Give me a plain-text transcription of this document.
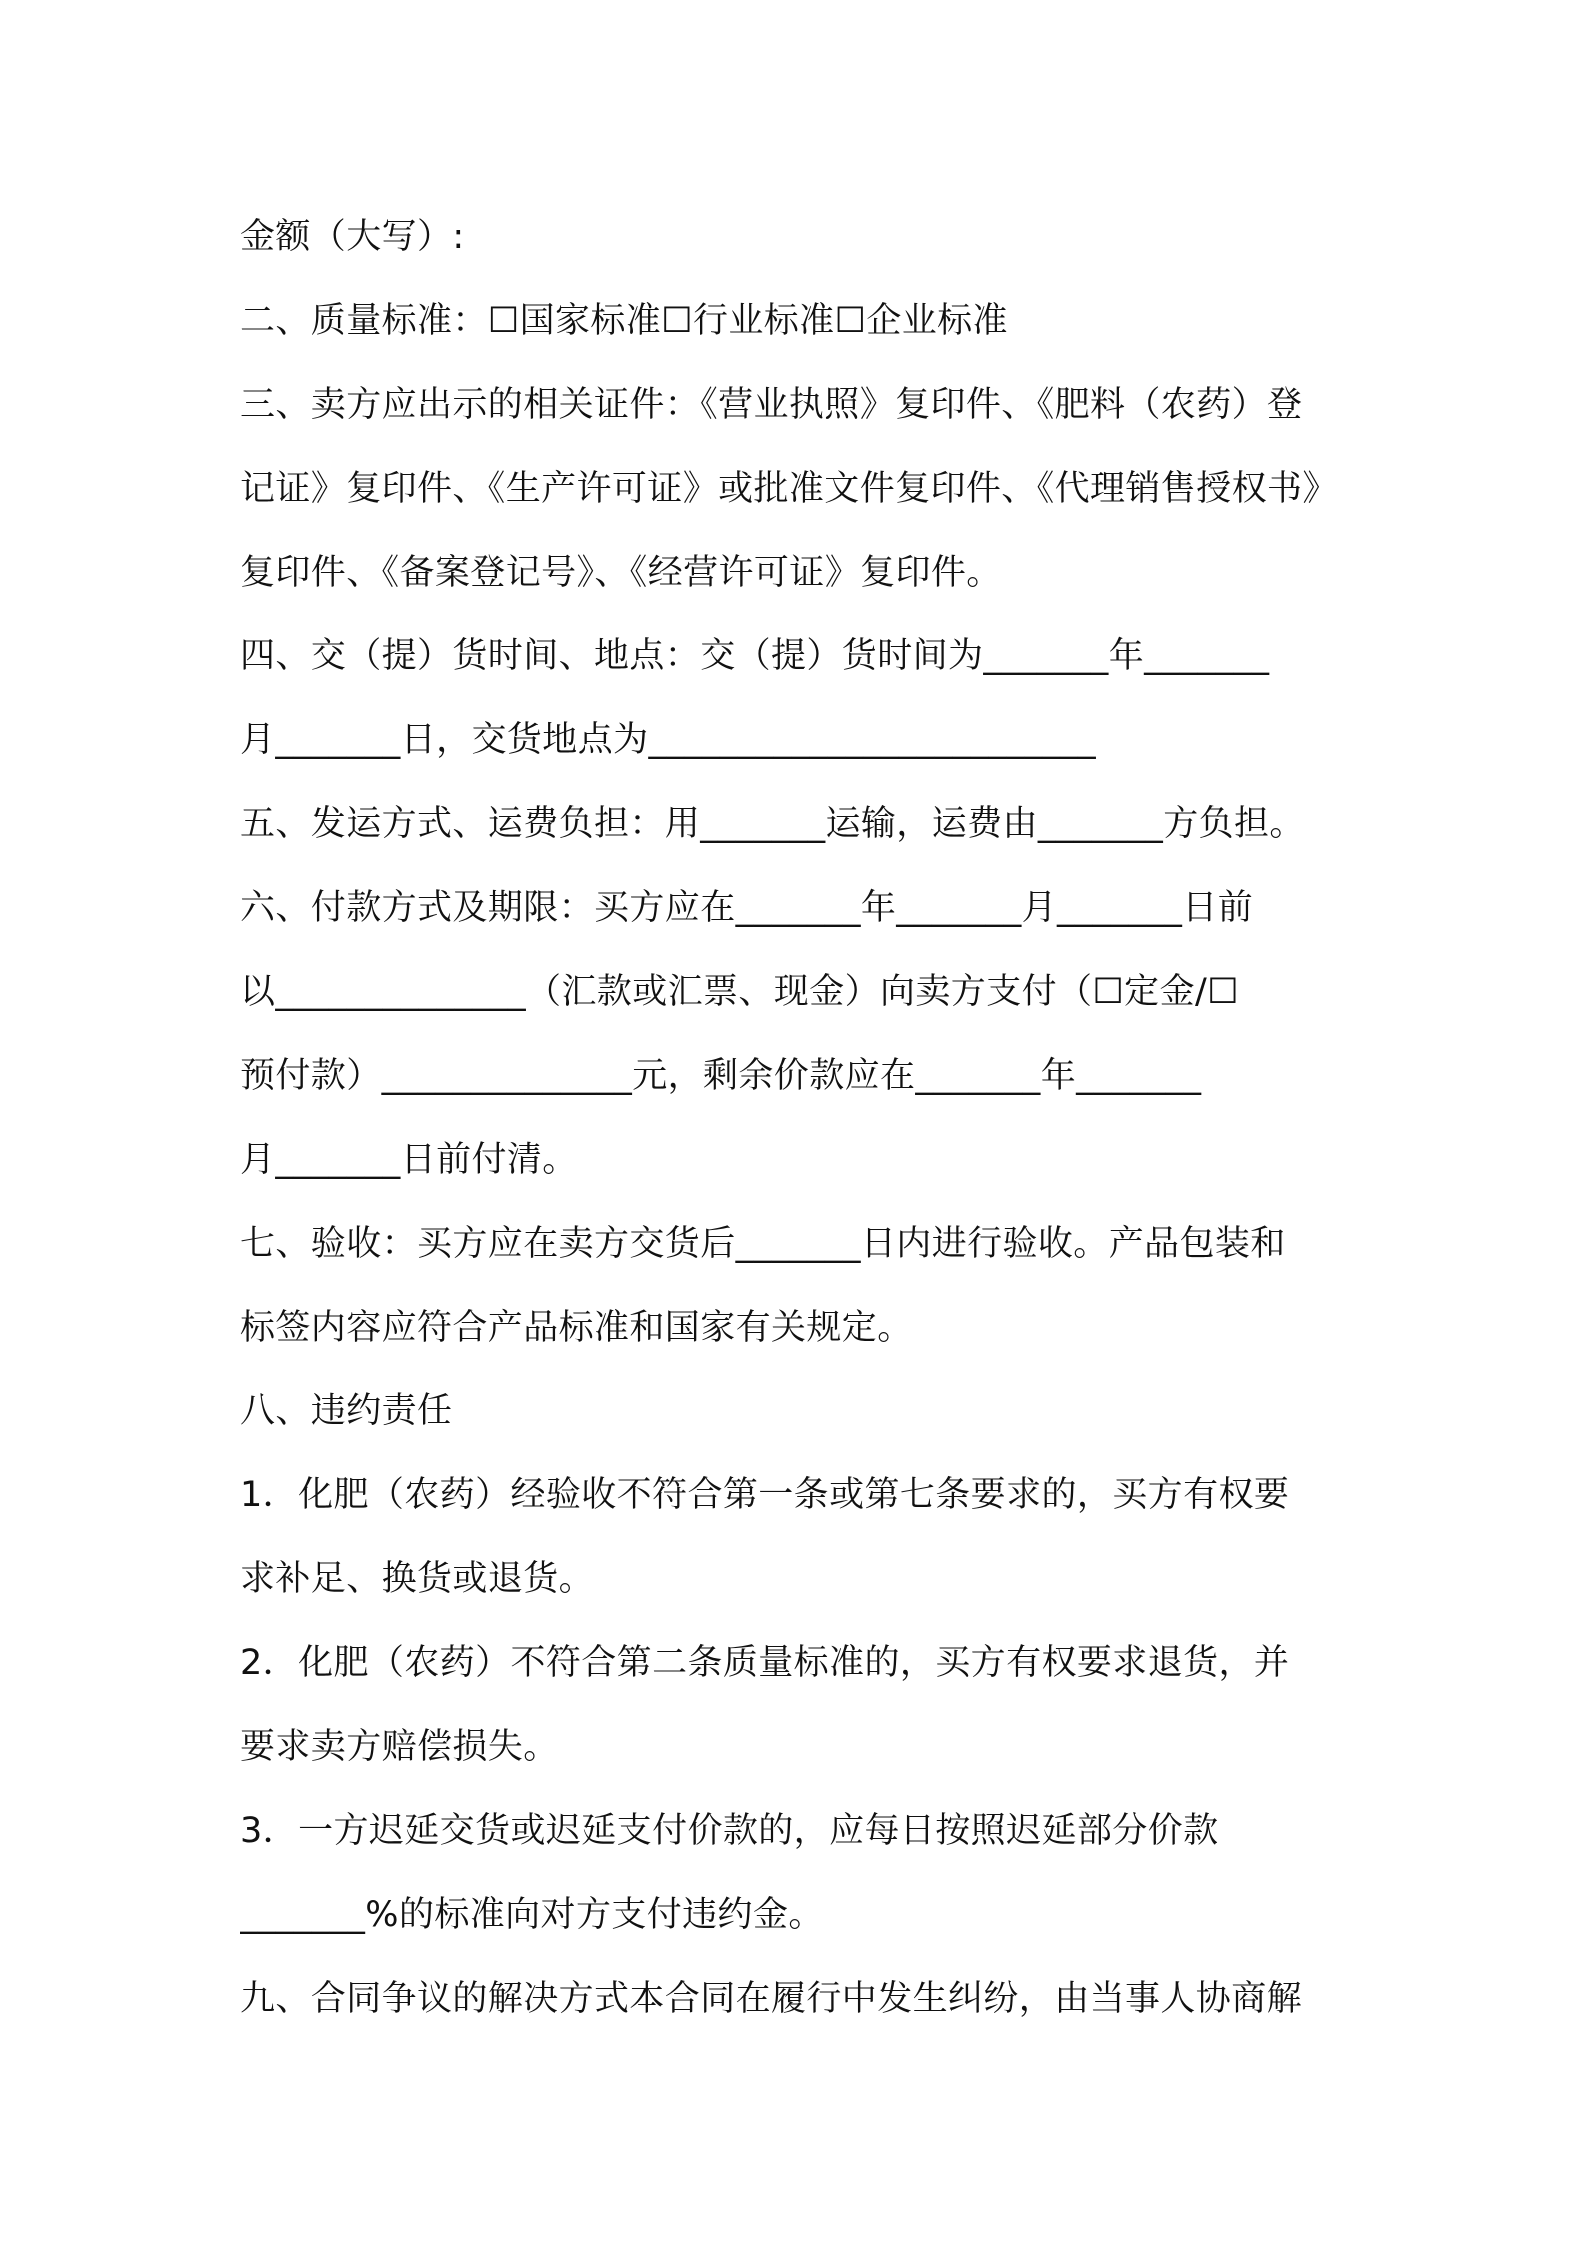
金额（大写）:
二、质量标准：☐国家标准☐行业标准☐企业标准
三、卖方应出示的相关证件：《营业执照》复印件、《肥料（农药）登
记证》复印件、《生产许可证》或批准文件复印件、《代理销售授权书》
复印件、《备案登记号》、《经营许可证》复印件。
四、交（提）货时间、地点：交（提）货时间为_______年_______
月_______日，交货地点为_________________________
五、发运方式、运费负担：用_______运输，运费由_______方负担。
六、付款方式及期限：买方应在_______年_______月_______日前
以______________（汇款或汇票、现金）向卖方支付（☐定金/☐
预付款）______________元，剩余价款应在_______年_______
月_______日前付清。
七、验收：买方应在卖方交货后_______日内进行验收。产品包装和
标签内容应符合产品标准和国家有关规定。
八、违约责任
1．化肥（农药）经验收不符合第一条或第七条要求的，买方有权要
求补足、换货或退货。
2．化肥（农药）不符合第二条质量标准的，买方有权要求退货，并
要求卖方赔偿损失。
3．一方迟延交货或迟延支付价款的，应每日按照迟延部分价款
_______%的标准向对方支付违约金。
九、合同争议的解决方式本合同在履行中发生纠纷，由当事人协商解
